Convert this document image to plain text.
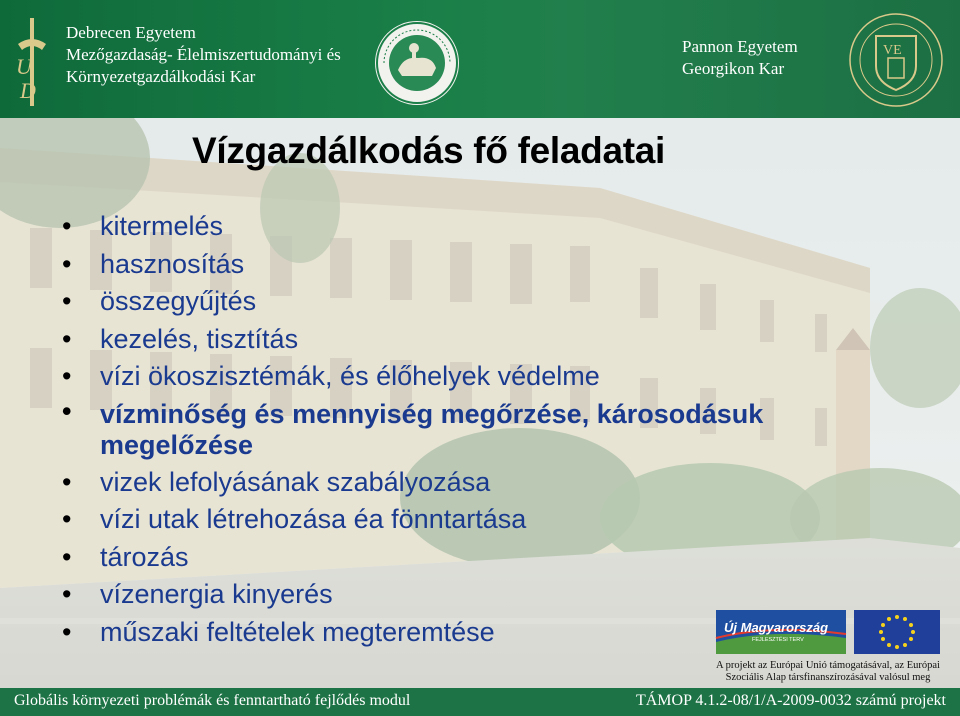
U
D
Debrecen Egyetem
Mezőgazdaság- Élelmiszertudományi és
Környezetgazdálkodási Kar
Pannon Egyetem
Georgikon Kar
VE
Vízgazdálkodás fő feladatai
• kitermelés
• hasznosítás
• összegyűjtés
• kezelés, tisztítás
• vízi ökoszisztémák, és élőhelyek védelme
• vízminőség és mennyiség megőrzése, károsodásuk megelőzése
• vizek lefolyásának szabályozása
• vízi utak létrehozása éa fönntartása
• tározás
• vízenergia kinyerés
• műszaki feltételek megteremtése	Új Magyarország
FEJLESZTÉSI TERV
A projekt az Európai Unió támogatásával, az Európai
Szociális Alap társfinanszírozásával valósul meg
Globális környezeti problémák és fenntartható fejlődés modul	TÁMOP 4.1.2-08/1/A-2009-0032 számú projekt
